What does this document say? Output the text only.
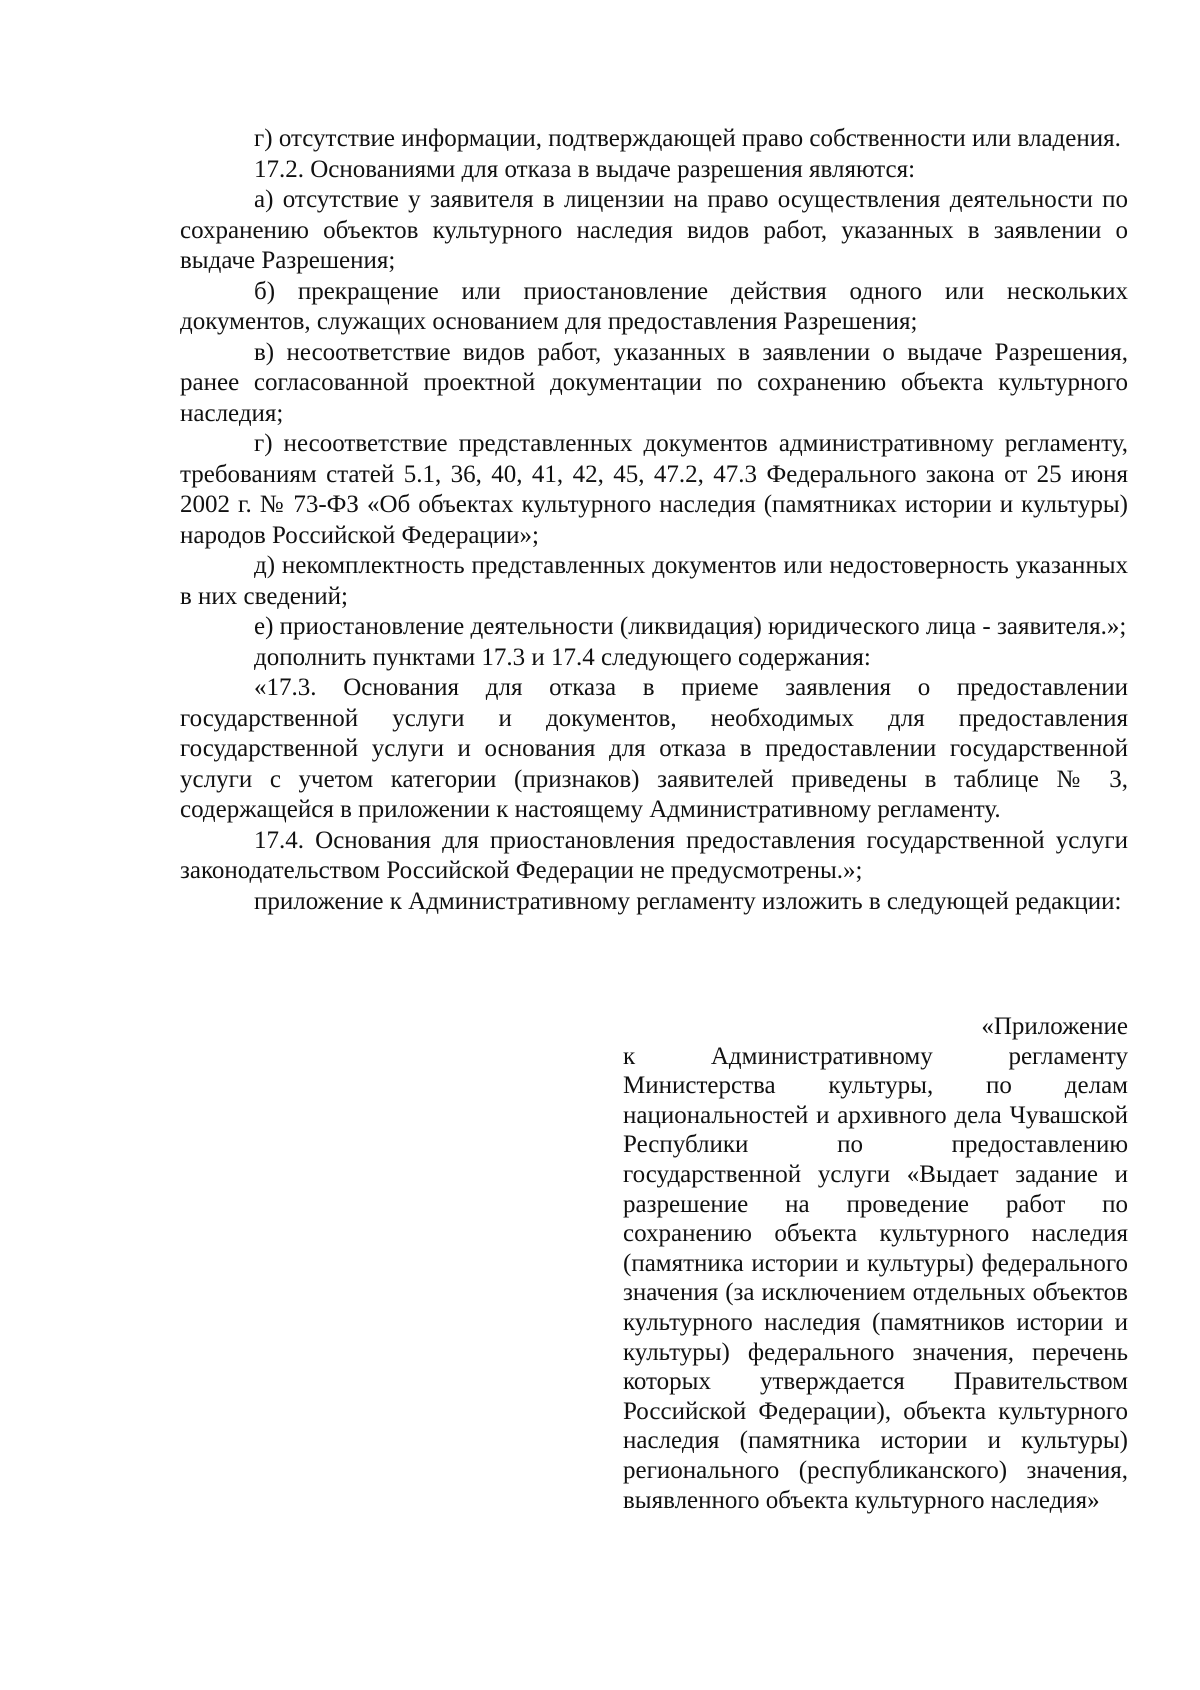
г) отсутствие информации, подтверждающей право собственности или владения.

17.2. Основаниями для отказа в выдаче разрешения являются:

а) отсутствие у заявителя в лицензии на право осуществления деятельности по сохранению объектов культурного наследия видов работ, указанных в заявлении о выдаче Разрешения;

б) прекращение или приостановление действия одного или нескольких документов, служащих основанием для предоставления Разрешения;

в) несоответствие видов работ, указанных в заявлении о выдаче Разрешения, ранее согласованной проектной документации по сохранению объекта культурного наследия;

г) несоответствие представленных документов административному регламенту, требованиям статей 5.1, 36, 40, 41, 42, 45, 47.2, 47.3 Федерального закона от 25 июня 2002 г. № 73-ФЗ «Об объектах культурного наследия (памятниках истории и культуры) народов Российской Федерации»;

д) некомплектность представленных документов или недостоверность указанных в них сведений;

е) приостановление деятельности (ликвидация) юридического лица - заявителя.»;

дополнить пунктами 17.3 и 17.4 следующего содержания:

«17.3. Основания для отказа в приеме заявления о предоставлении государственной услуги и документов, необходимых для предоставления государственной услуги и основания для отказа в предоставлении государственной услуги с учетом категории (признаков) заявителей приведены в таблице № 3, содержащейся в приложении к настоящему Административному регламенту.

17.4. Основания для приостановления предоставления государственной услуги законодательством Российской Федерации не предусмотрены.»;

приложение к Административному регламенту изложить в следующей редакции:

«Приложение

к Административному регламенту Министерства культуры, по делам национальностей и архивного дела Чувашской Республики по предоставлению государственной услуги «Выдает задание и разрешение на проведение работ по сохранению объекта культурного наследия (памятника истории и культуры) федерального значения (за исключением отдельных объектов культурного наследия (памятников истории и культуры) федерального значения, перечень которых утверждается Правительством Российской Федерации), объекта культурного наследия (памятника истории и культуры) регионального (республиканского) значения, выявленного объекта культурного наследия»
